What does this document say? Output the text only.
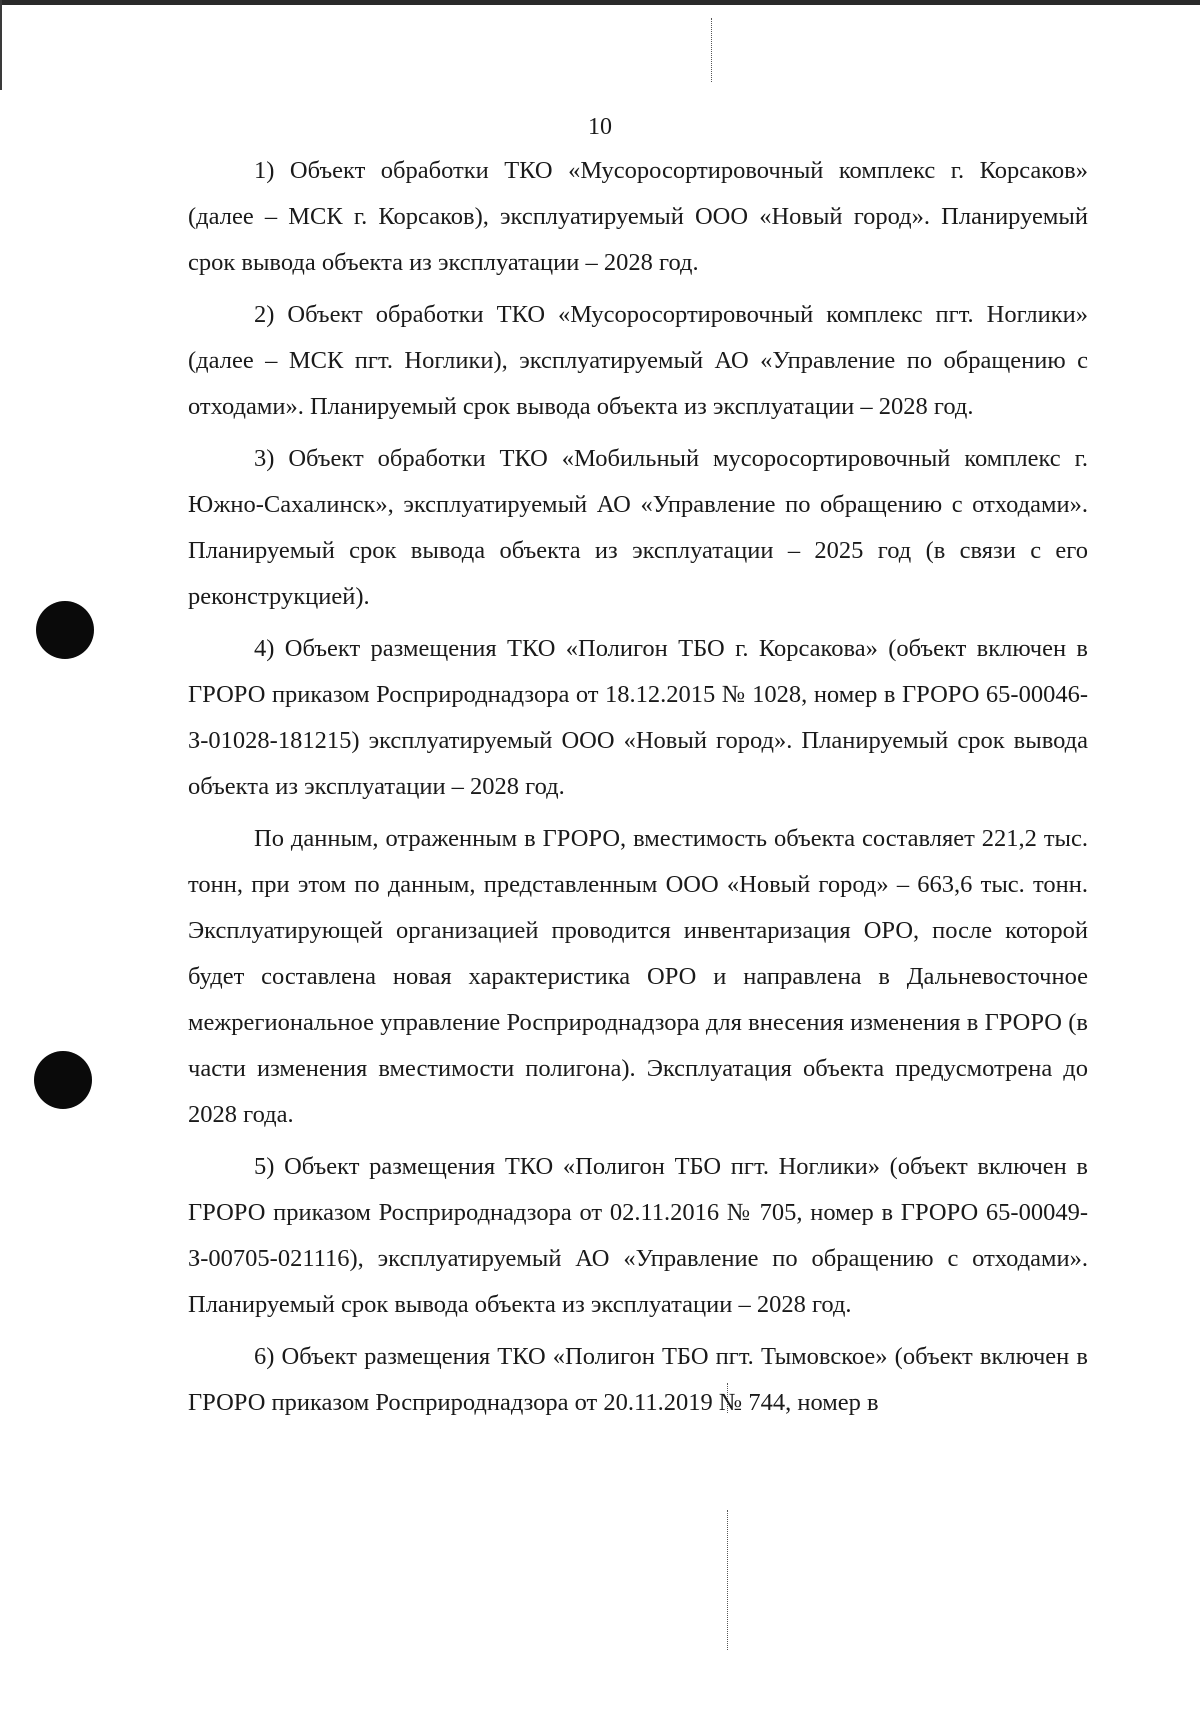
10

1) Объект обработки ТКО «Мусоросортировочный комплекс г. Корсаков» (далее – МСК г. Корсаков), эксплуатируемый ООО «Новый город». Планируемый срок вывода объекта из эксплуатации – 2028 год.

2) Объект обработки ТКО «Мусоросортировочный комплекс пгт. Ноглики» (далее – МСК пгт. Ноглики), эксплуатируемый АО «Управление по обращению с отходами». Планируемый срок вывода объекта из эксплуатации – 2028 год.

3) Объект обработки ТКО «Мобильный мусоросортировочный комплекс г. Южно-Сахалинск», эксплуатируемый АО «Управление по обращению с отходами». Планируемый срок вывода объекта из эксплуатации – 2025 год (в связи с его реконструкцией).

4) Объект размещения ТКО «Полигон ТБО г. Корсакова» (объект включен в ГРОРО приказом Росприроднадзора от 18.12.2015 № 1028, номер в ГРОРО 65-00046-З-01028-181215) эксплуатируемый ООО «Новый город». Планируемый срок вывода объекта из эксплуатации – 2028 год.

По данным, отраженным в ГРОРО, вместимость объекта составляет 221,2 тыс. тонн, при этом по данным, представленным ООО «Новый город» – 663,6 тыс. тонн. Эксплуатирующей организацией проводится инвентаризация ОРО, после которой будет составлена новая характеристика ОРО и направлена в Дальневосточное межрегиональное управление Росприроднадзора для внесения изменения в ГРОРО (в части изменения вместимости полигона). Эксплуатация объекта предусмотрена до 2028 года.

5) Объект размещения ТКО «Полигон ТБО пгт. Ноглики» (объект включен в ГРОРО приказом Росприроднадзора от 02.11.2016 № 705, номер в ГРОРО 65-00049-З-00705-021116), эксплуатируемый АО «Управление по обращению с отходами». Планируемый срок вывода объекта из эксплуатации – 2028 год.

6) Объект размещения ТКО «Полигон ТБО пгт. Тымовское» (объект включен в ГРОРО приказом Росприроднадзора от 20.11.2019 № 744, номер в
